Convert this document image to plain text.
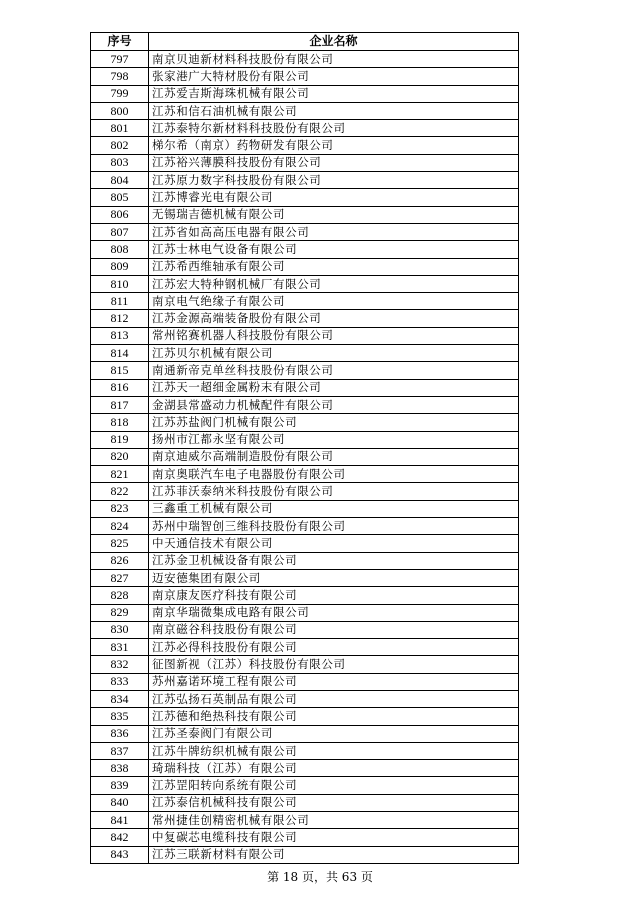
序号	企业名称
797	南京贝迪新材料科技股份有限公司
798	张家港广大特材股份有限公司
799	江苏爱吉斯海珠机械有限公司
800	江苏和信石油机械有限公司
801	江苏泰特尔新材料科技股份有限公司
802	梯尔希（南京）药物研发有限公司
803	江苏裕兴薄膜科技股份有限公司
804	江苏原力数字科技股份有限公司
805	江苏博睿光电有限公司
806	无锡瑞吉德机械有限公司
807	江苏省如高高压电器有限公司
808	江苏士林电气设备有限公司
809	江苏希西维轴承有限公司
810	江苏宏大特种钢机械厂有限公司
811	南京电气绝缘子有限公司
812	江苏金源高端装备股份有限公司
813	常州铭赛机器人科技股份有限公司
814	江苏贝尔机械有限公司
815	南通新帝克单丝科技股份有限公司
816	江苏天一超细金属粉末有限公司
817	金湖县常盛动力机械配件有限公司
818	江苏苏盐阀门机械有限公司
819	扬州市江都永坚有限公司
820	南京迪威尔高端制造股份有限公司
821	南京奥联汽车电子电器股份有限公司
822	江苏菲沃泰纳米科技股份有限公司
823	三鑫重工机械有限公司
824	苏州中瑞智创三维科技股份有限公司
825	中天通信技术有限公司
826	江苏金卫机械设备有限公司
827	迈安德集团有限公司
828	南京康友医疗科技有限公司
829	南京华瑞微集成电路有限公司
830	南京磁谷科技股份有限公司
831	江苏必得科技股份有限公司
832	征图新视（江苏）科技股份有限公司
833	苏州嘉诺环境工程有限公司
834	江苏弘扬石英制品有限公司
835	江苏德和绝热科技有限公司
836	江苏圣泰阀门有限公司
837	江苏牛牌纺织机械有限公司
838	琦瑞科技（江苏）有限公司
839	江苏罡阳转向系统有限公司
840	江苏泰信机械科技有限公司
841	常州捷佳创精密机械有限公司
842	中复碳芯电缆科技有限公司
843	江苏三联新材料有限公司
第 18 页，共 63 页
